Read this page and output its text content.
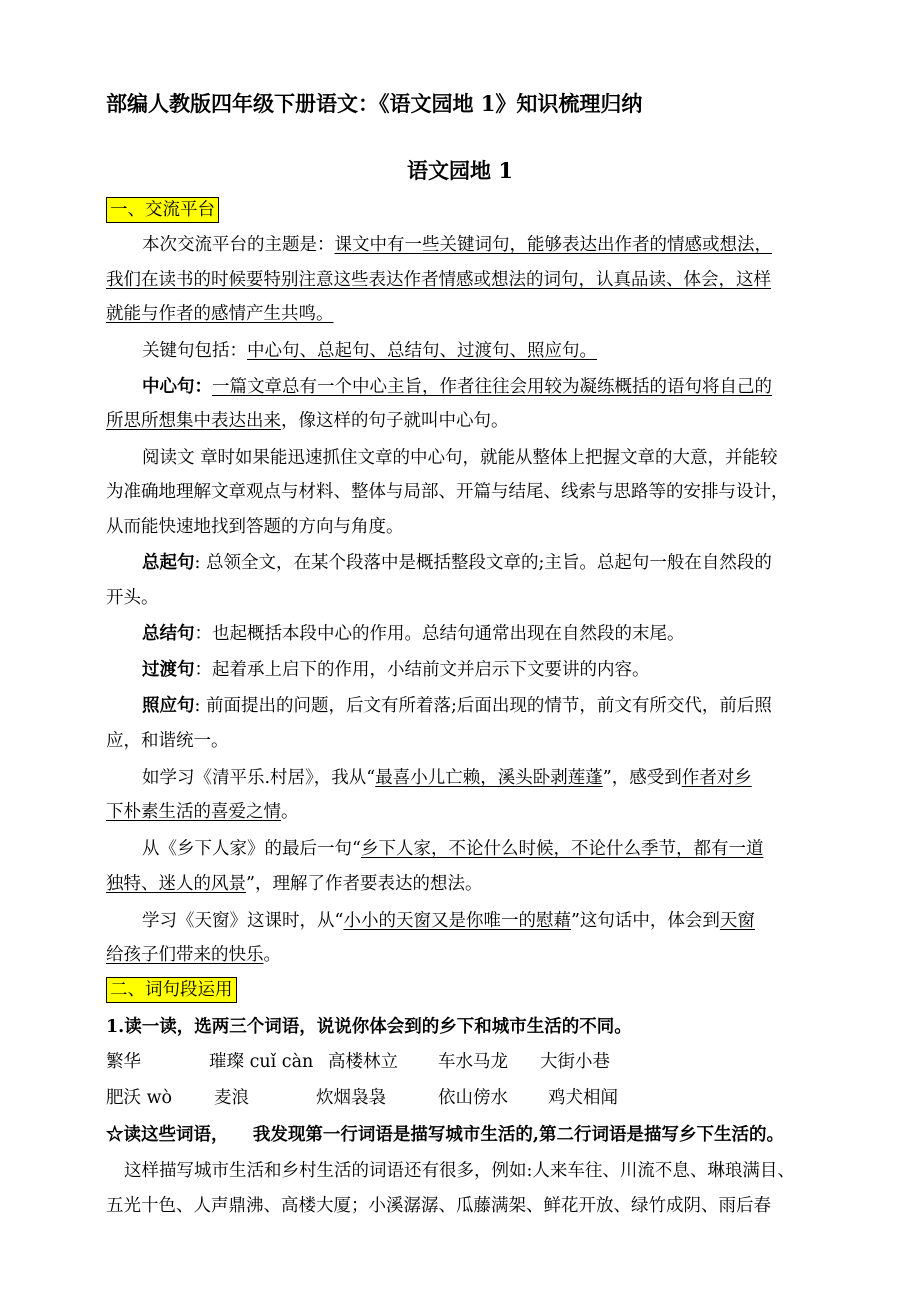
部编人教版四年级下册语文：《语文园地 1》知识梳理归纳
语文园地 1
一、交流平台
本次交流平台的主题是：课文中有一些关键词句，能够表达出作者的情感或想法，
我们在读书的时候要特别注意这些表达作者情感或想法的词句，认真品读、体会，这样
就能与作者的感情产生共鸣。
关键句包括：中心句、总起句、总结句、过渡句、照应句。
中心句：一篇文章总有一个中心主旨，作者往往会用较为凝练概括的语句将自己的
所思所想集中表达出来，像这样的句子就叫中心句。
阅读文 章时如果能迅速抓住文章的中心句，就能从整体上把握文章的大意，并能较
为准确地理解文章观点与材料、整体与局部、开篇与结尾、线索与思路等的安排与设计，
从而能快速地找到答题的方向与角度。
总起句: 总领全文，在某个段落中是概括整段文章的;主旨。总起句一般在自然段的
开头。
总结句：也起概括本段中心的作用。总结句通常出现在自然段的末尾。
过渡句：起着承上启下的作用，小结前文并启示下文要讲的内容。
照应句: 前面提出的问题，后文有所着落;后面出现的情节，前文有所交代，前后照
应，和谐统一。
如学习《清平乐.村居》，我从“最喜小儿亡赖，溪头卧剥莲蓬”，感受到作者对乡
下朴素生活的喜爱之情。
从《乡下人家》的最后一句“乡下人家，不论什么时候，不论什么季节，都有一道
独特、迷人的风景”，理解了作者要表达的想法。
学习《天窗》这课时，从“小小的天窗又是你唯一的慰藉”这句话中，体会到天窗
给孩子们带来的快乐。
二、词句段运用
1.读一读，选两三个词语，说说你体会到的乡下和城市生活的不同。
繁华	璀璨 cuǐ càn 高楼林立 车水马龙 大街小巷
肥沃 wò 麦浪	炊烟袅袅	依山傍水 鸡犬相闻
☆读这些词语，    我发现第一行词语是描写城市生活的,第二行词语是描写乡下生活的。
这样描写城市生活和乡村生活的词语还有很多，例如:人来车往、川流不息、琳琅满目、
五光十色、人声鼎沸、高楼大厦；小溪潺潺、瓜藤满架、鲜花开放、绿竹成阴、雨后春
